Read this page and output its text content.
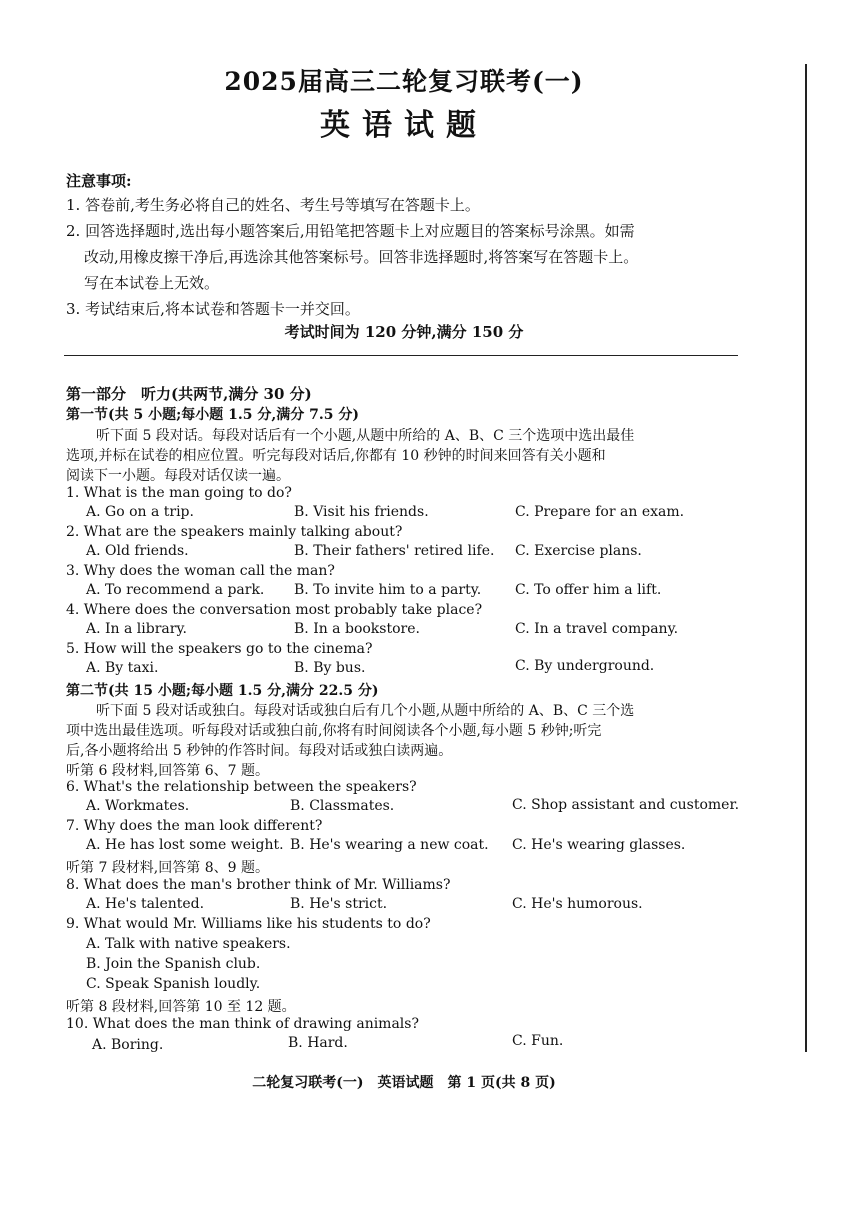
2025届高三二轮复习联考(一)
英语试题
注意事项:
1. 答卷前,考生务必将自己的姓名、考生号等填写在答题卡上。
2. 回答选择题时,选出每小题答案后,用铅笔把答题卡上对应题目的答案标号涂黑。如需
改动,用橡皮擦干净后,再选涂其他答案标号。回答非选择题时,将答案写在答题卡上。
写在本试卷上无效。
3. 考试结束后,将本试卷和答题卡一并交回。
考试时间为 120 分钟,满分 150 分
第一部分　听力(共两节,满分 30 分)
第一节(共 5 小题;每小题 1.5 分,满分 7.5 分)
听下面 5 段对话。每段对话后有一个小题,从题中所给的 A、B、C 三个选项中选出最佳
选项,并标在试卷的相应位置。听完每段对话后,你都有 10 秒钟的时间来回答有关小题和
阅读下一小题。每段对话仅读一遍。
1. What is the man going to do?
A. Go on a trip.	B. Visit his friends.	C. Prepare for an exam.
2. What are the speakers mainly talking about?
A. Old friends.	B. Their fathers' retired life. C. Exercise plans.
3. Why does the woman call the man?
A. To recommend a park. B. To invite him to a party. C. To offer him a lift.
4. Where does the conversation most probably take place?
A. In a library.	B. In a bookstore.	C. In a travel company.
5. How will the speakers go to the cinema?
A. By taxi.	B. By bus.	C. By underground.
第二节(共 15 小题;每小题 1.5 分,满分 22.5 分)
听下面 5 段对话或独白。每段对话或独白后有几个小题,从题中所给的 A、B、C 三个选
项中选出最佳选项。听每段对话或独白前,你将有时间阅读各个小题,每小题 5 秒钟;听完
后,各小题将给出 5 秒钟的作答时间。每段对话或独白读两遍。
听第 6 段材料,回答第 6、7 题。
6. What's the relationship between the speakers?
A. Workmates.	B. Classmates.	C. Shop assistant and customer.
7. Why does the man look different?
A. He has lost some weight. B. He's wearing a new coat. C. He's wearing glasses.
听第 7 段材料,回答第 8、9 题。
8. What does the man's brother think of Mr. Williams?
A. He's talented.	B. He's strict.	C. He's humorous.
9. What would Mr. Williams like his students to do?
A. Talk with native speakers.
B. Join the Spanish club.
C. Speak Spanish loudly.
听第 8 段材料,回答第 10 至 12 题。
10. What does the man think of drawing animals?
A. Boring.	B. Hard.	C. Fun.
二轮复习联考(一)　英语试题　第 1 页(共 8 页)
